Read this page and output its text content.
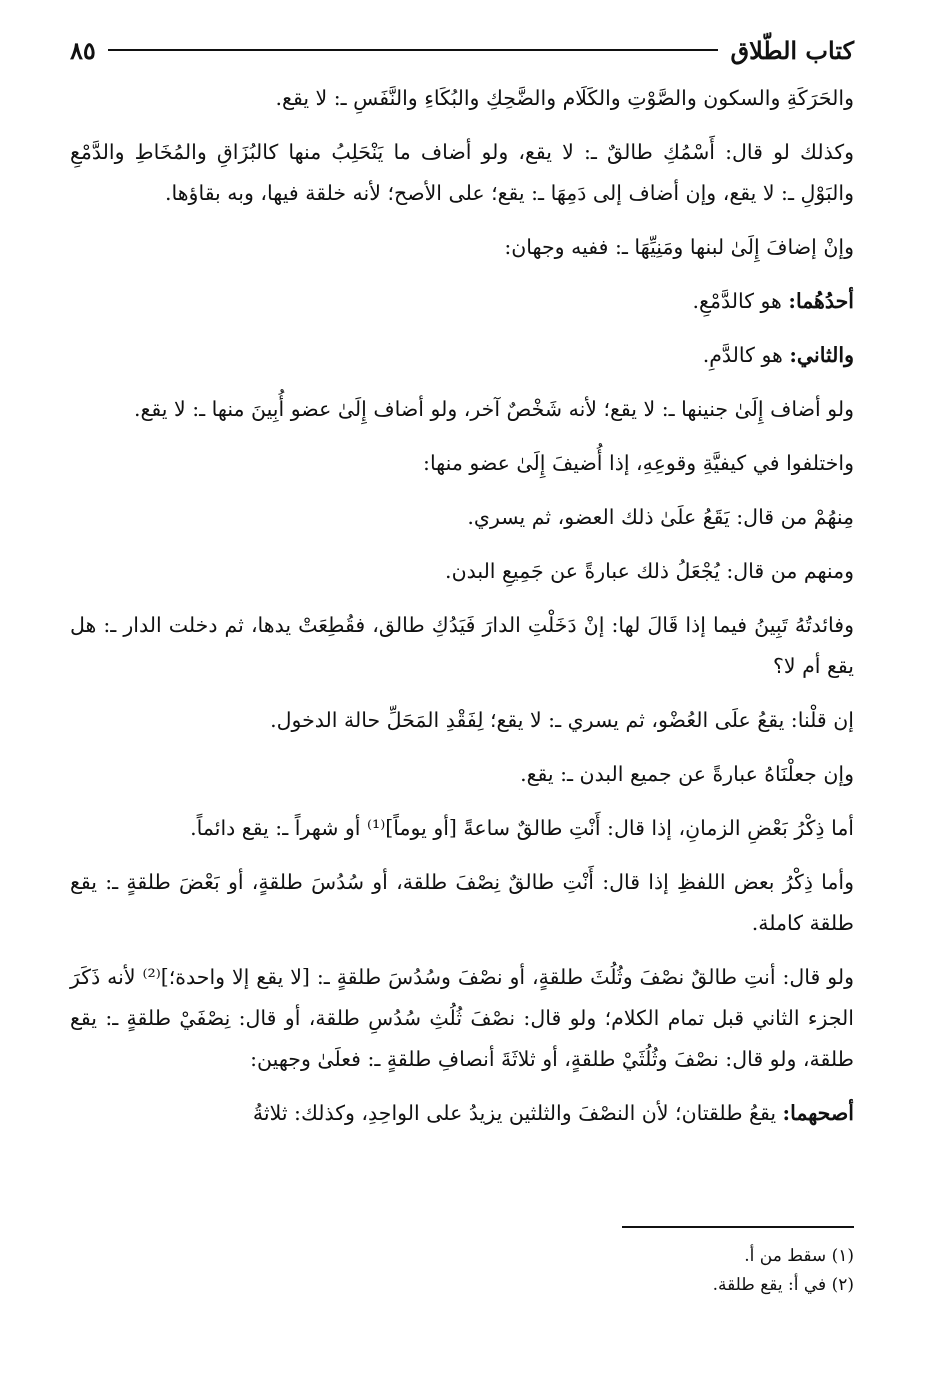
كتاب الطّلاق
٨٥

والحَرَكَةِ والسكون والصَّوْتِ والكَلَام والضَّحِكِ والبُكَاءِ والنَّفَسِ ـ: لا يقع.

وكذلك لو قال: أَسْمُكِ طالقٌ ـ: لا يقع، ولو أضاف ما يَنْحَلِبُ منها كالبُزَاقِ والمُخَاطِ والدَّمْعِ والبَوْلِ ـ: لا يقع، وإن أضاف إلى دَمِهَا ـ: يقع؛ على الأصح؛ لأنه خلقة فيها، وبه بقاؤها.

وإنْ إضافَ إِلَىٰ لبنها ومَنِيِّهَا ـ: ففيه وجهان:

أحدُهُما: هو كالدَّمْعِ.

والثاني: هو كالدَّمِ.

ولو أضاف إِلَىٰ جنينها ـ: لا يقع؛ لأنه شَخْصٌ آخر، ولو أضاف إِلَىٰ عضو أُبِينَ منها ـ: لا يقع.

واختلفوا في كيفيَّةِ وقوعِهِ، إذا أُضيفَ إِلَىٰ عضو منها:

مِنهُمْ من قال: يَقَعُ علَىٰ ذلك العضو، ثم يسري.

ومنهم من قال: يُجْعَلُ ذلك عبارةً عن جَمِيعِ البدن.

وفائدتُهُ تَبِينُ فيما إذا قَالَ لها: إنْ دَخَلْتِ الدارَ فَيَدُكِ طالق، فقُطِعَتْ يدها، ثم دخلت الدار ـ: هل يقع أم لا؟

إن قلْنا: يقعُ علَى العُضْو، ثم يسري ـ: لا يقع؛ لِفَقْدِ المَحَلِّ حالة الدخول.

وإن جعلْنَاهُ عبارةً عن جميع البدن ـ: يقع.

أما ذِكْرُ بَعْضِ الزمانِ، إذا قال: أَنْتِ طالقٌ ساعةً [أو يوماً]⁽¹⁾ أو شهراً ـ: يقع دائماً.

وأما ذِكْرُ بعض اللفظِ إذا قال: أَنْتِ طالقٌ نِصْفَ طلقة، أو سُدُسَ طلقةٍ، أو بَعْضَ طلقةٍ ـ: يقع طلقة كاملة.

ولو قال: أنتِ طالقٌ نصْفَ وثُلُثَ طلقةٍ، أو نصْفَ وسُدُسَ طلقةٍ ـ: [لا يقع إلا واحدة؛]⁽²⁾ لأنه ذَكَرَ الجزء الثاني قبل تمام الكلام؛ ولو قال: نصْفَ ثُلُثِ سُدُسِ طلقة، أو قال: نِصْفَيْ طلقةٍ ـ: يقع طلقة، ولو قال: نصْفَ وثُلُثَيْ طلقةٍ، أو ثلاثَةَ أنصافِ طلقةٍ ـ: فعلَىٰ وجهين:

أصحهما: يقعُ طلقتان؛ لأن النصْفَ والثلثين يزيدُ على الواحِدِ، وكذلك: ثلاثةُ

(١) سقط من أ.

(٢) في أ: يقع طلقة.
